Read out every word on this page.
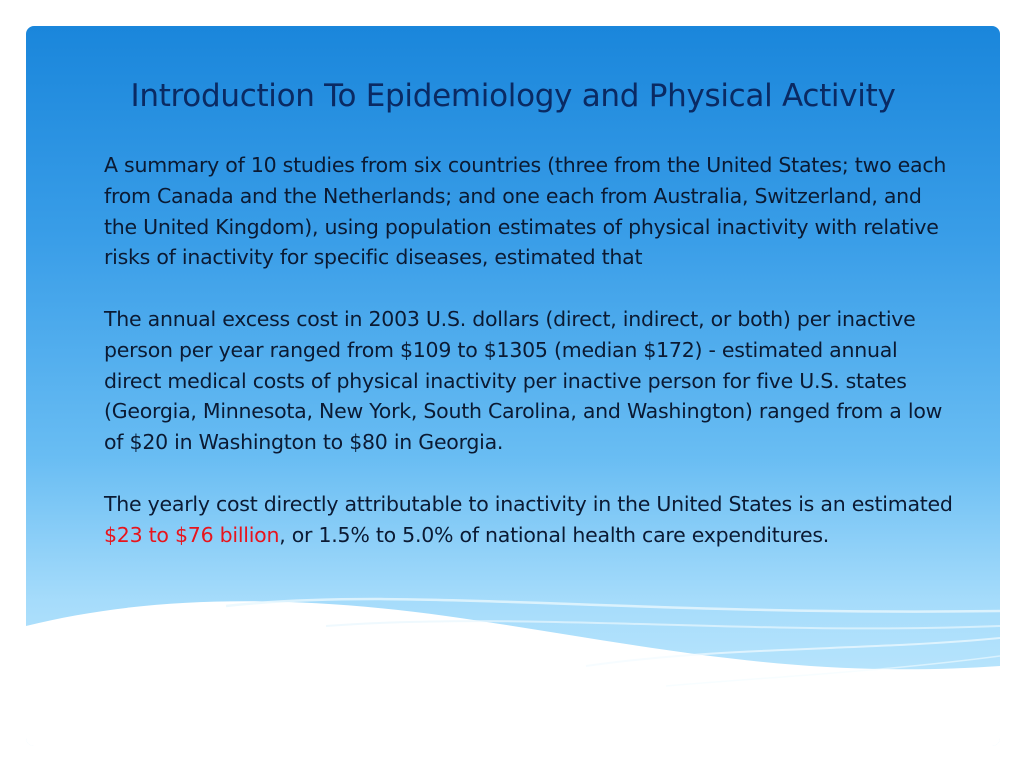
Introduction To Epidemiology and Physical Activity

A summary of 10 studies from six countries (three from the United States; two each from Canada and the Netherlands; and one each from Australia, Switzerland, and the United Kingdom), using population estimates of physical inactivity with relative risks of inactivity for specific diseases, estimated that

The annual excess cost in 2003 U.S. dollars (direct, indirect, or both) per inactive person per year ranged from $109 to $1305 (median $172) - estimated annual direct medical costs of physical inactivity per inactive person for five U.S. states (Georgia, Minnesota, New York, South Carolina, and Washington) ranged from a low of $20 in Washington to $80 in Georgia.

The yearly cost directly attributable to inactivity in the United States is an estimated $23 to $76 billion, or 1.5% to 5.0% of national health care expenditures.
